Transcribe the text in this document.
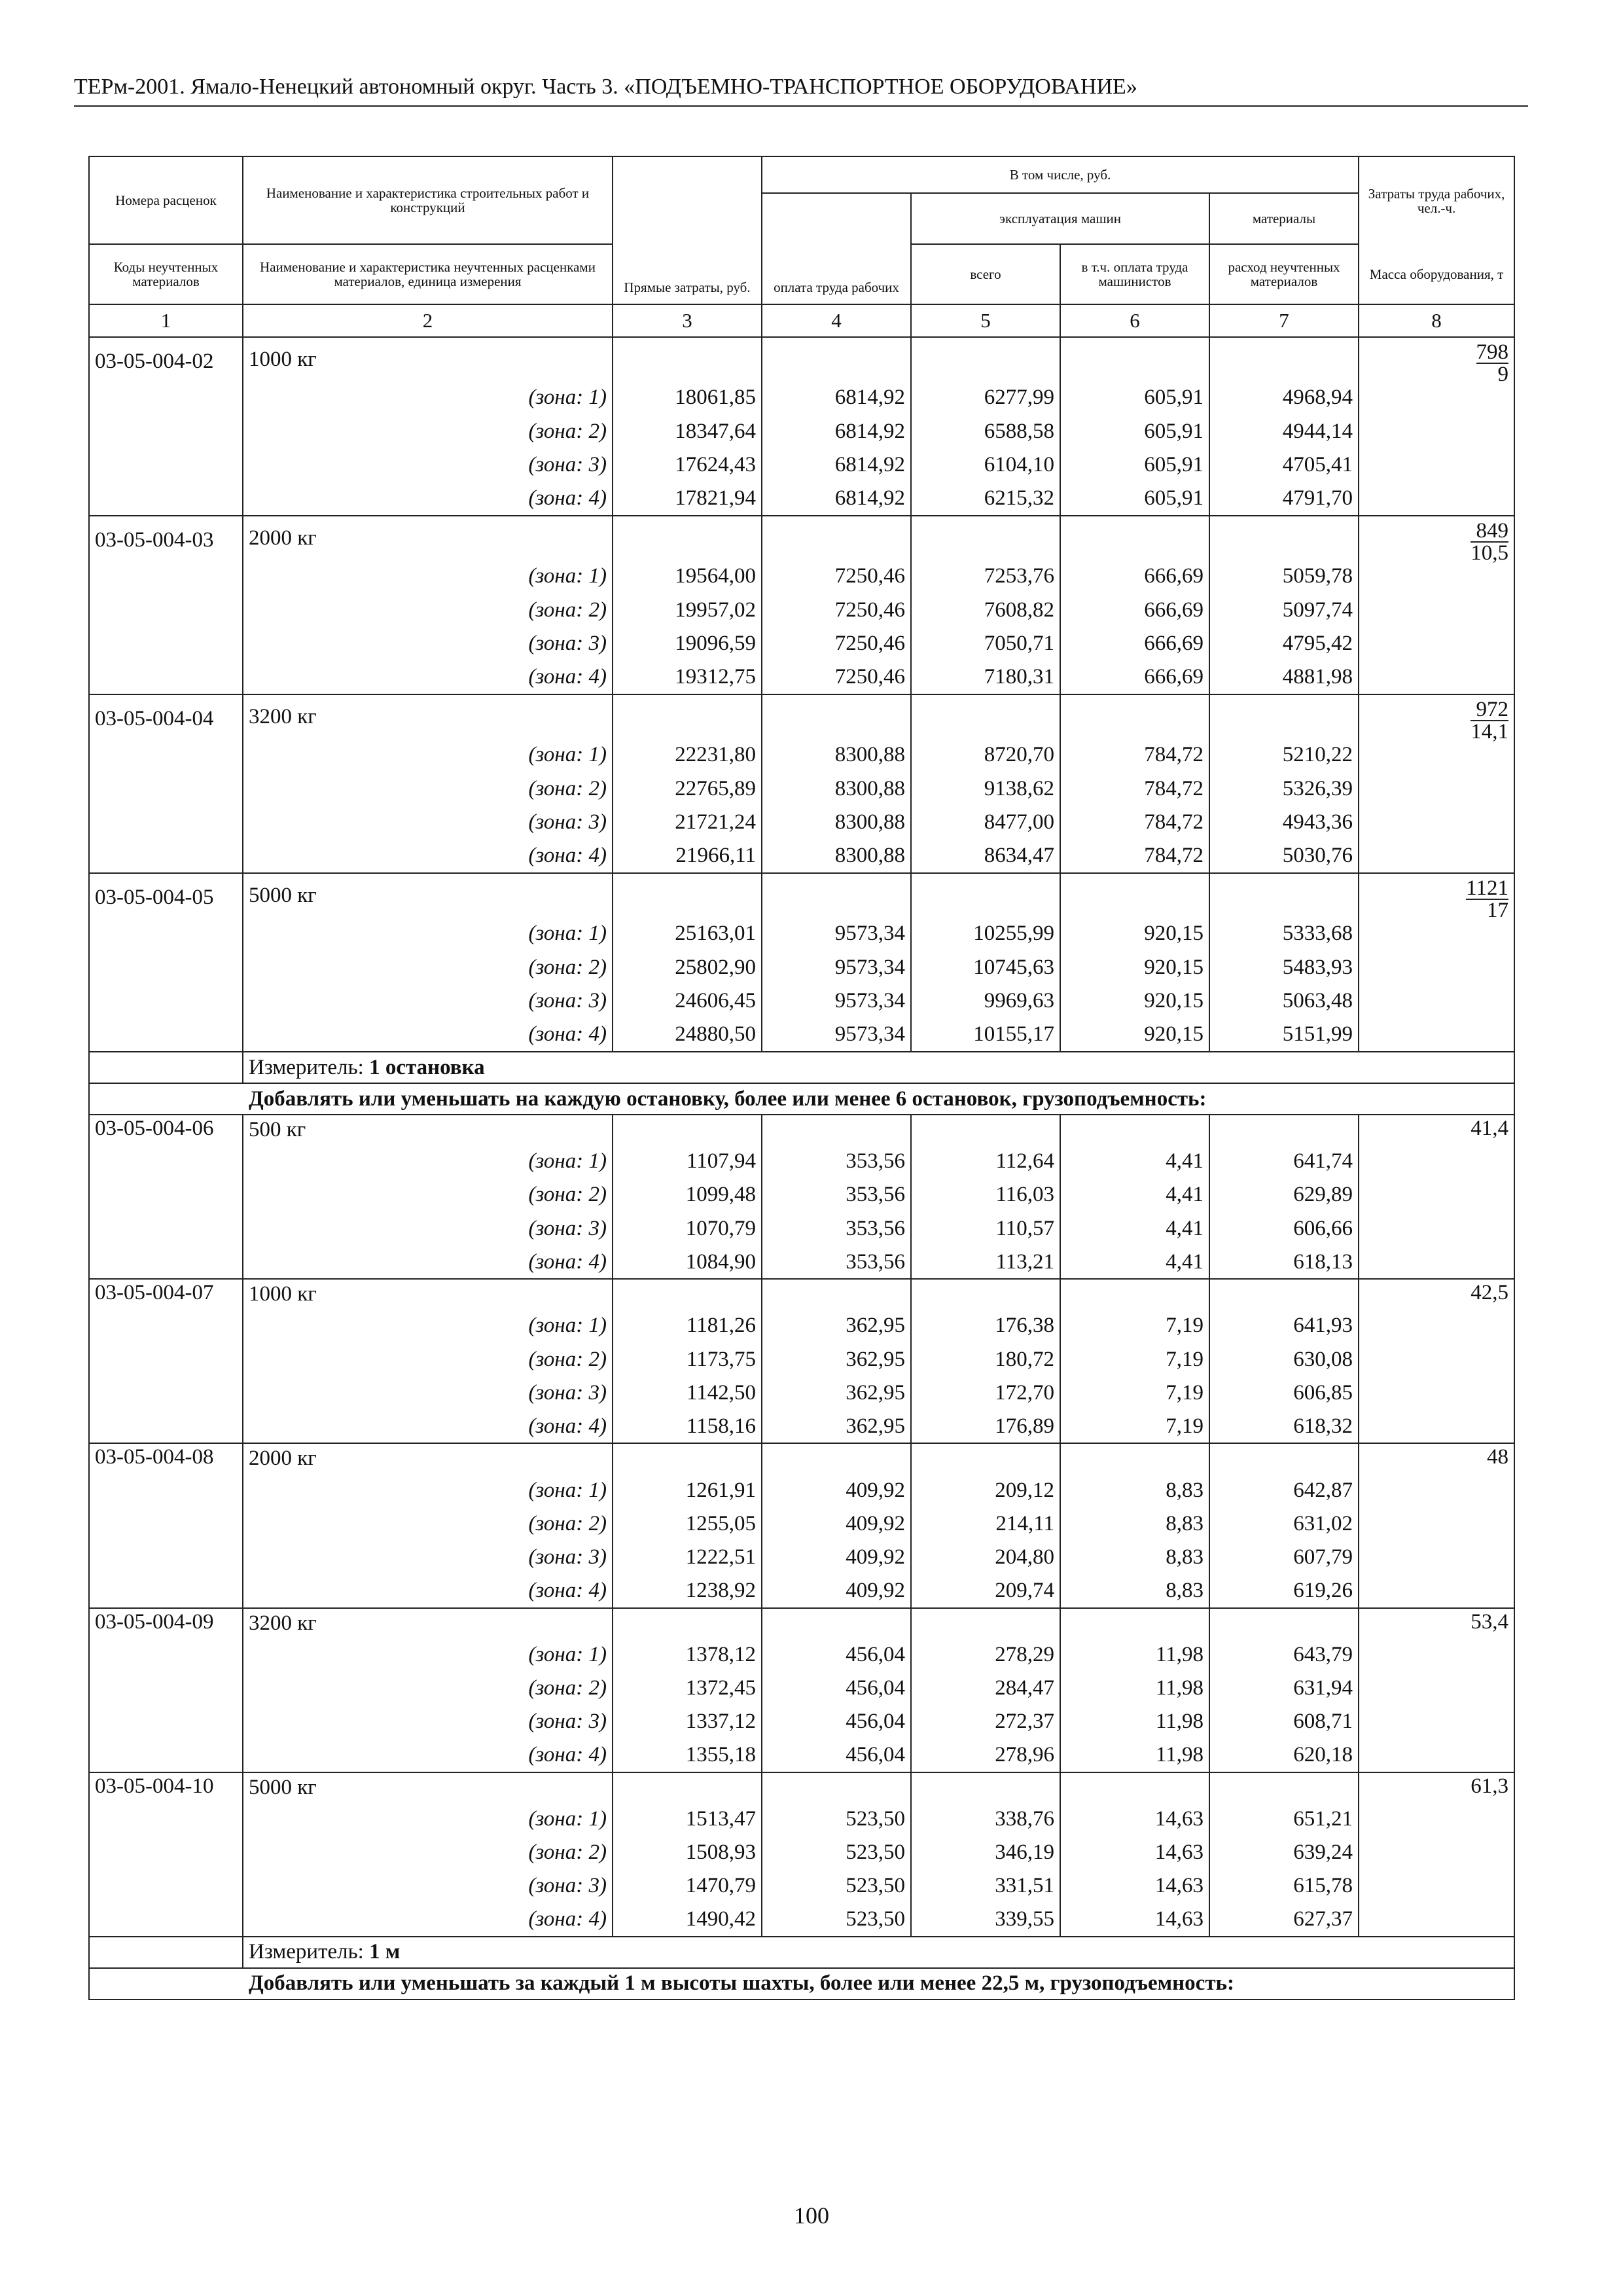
ТЕРм-2001. Ямало-Ненецкий автономный округ. Часть 3. «ПОДЪЕМНО-ТРАНСПОРТНОЕ ОБОРУДОВАНИЕ»
Номера расценок	Наименование и характеристика строительных работ и конструкций	Прямые затраты, руб.	В том числе, руб.				Затраты труда рабочих, чел.-ч.
			оплата труда рабочих	эксплуатация машин		материалы	
Коды неучтенных материалов	Наименование и характеристика неучтенных расценками материалов, единица измерения			всего	в т.ч. оплата труда машинистов	расход неучтенных материалов	Масса оборудования, т
1	2	3	4	5	6	7	8
03-05-004-02	1000 кг						$\frac{798}{9}$

	(зона: 1)	18061,85	6814,92	6277,99	605,91	4968,94	
	(зона: 2)	18347,64	6814,92	6588,58	605,91	4944,14	
	(зона: 3)	17624,43	6814,92	6104,10	605,91	4705,41	
	(зона: 4)	17821,94	6814,92	6215,32	605,91	4791,70	
03-05-004-03	2000 кг						$\frac{849}{10,5}$

	(зона: 1)	19564,00	7250,46	7253,76	666,69	5059,78	
	(зона: 2)	19957,02	7250,46	7608,82	666,69	5097,74	
	(зона: 3)	19096,59	7250,46	7050,71	666,69	4795,42	
	(зона: 4)	19312,75	7250,46	7180,31	666,69	4881,98	
03-05-004-04	3200 кг						$\frac{972}{14,1}$

	(зона: 1)	22231,80	8300,88	8720,70	784,72	5210,22	
	(зона: 2)	22765,89	8300,88	9138,62	784,72	5326,39	
	(зона: 3)	21721,24	8300,88	8477,00	784,72	4943,36	
	(зона: 4)	21966,11	8300,88	8634,47	784,72	5030,76	
03-05-004-05	5000 кг						$\frac{1121}{17}$

	(зона: 1)	25163,01	9573,34	10255,99	920,15	5333,68	
	(зона: 2)	25802,90	9573,34	10745,63	920,15	5483,93	
	(зона: 3)	24606,45	9573,34	9969,63	920,15	5063,48	
	(зона: 4)	24880,50	9573,34	10155,17	920,15	5151,99	
	Измеритель: 1 остановка						
Добавлять или уменьшать на каждую остановку, более или менее 6 остановок, грузоподъемность:							
03-05-004-06	500 кг						41,4
	(зона: 1)	1107,94	353,56	112,64	4,41	641,74	
	(зона: 2)	1099,48	353,56	116,03	4,41	629,89	
	(зона: 3)	1070,79	353,56	110,57	4,41	606,66	
	(зона: 4)	1084,90	353,56	113,21	4,41	618,13	
03-05-004-07	1000 кг						42,5
	(зона: 1)	1181,26	362,95	176,38	7,19	641,93	
	(зона: 2)	1173,75	362,95	180,72	7,19	630,08	
	(зона: 3)	1142,50	362,95	172,70	7,19	606,85	
	(зона: 4)	1158,16	362,95	176,89	7,19	618,32	
03-05-004-08	2000 кг						48
	(зона: 1)	1261,91	409,92	209,12	8,83	642,87	
	(зона: 2)	1255,05	409,92	214,11	8,83	631,02	
	(зона: 3)	1222,51	409,92	204,80	8,83	607,79	
	(зона: 4)	1238,92	409,92	209,74	8,83	619,26	
03-05-004-09	3200 кг						53,4
	(зона: 1)	1378,12	456,04	278,29	11,98	643,79	
	(зона: 2)	1372,45	456,04	284,47	11,98	631,94	
	(зона: 3)	1337,12	456,04	272,37	11,98	608,71	
	(зона: 4)	1355,18	456,04	278,96	11,98	620,18	
03-05-004-10	5000 кг						61,3
	(зона: 1)	1513,47	523,50	338,76	14,63	651,21	
	(зона: 2)	1508,93	523,50	346,19	14,63	639,24	
	(зона: 3)	1470,79	523,50	331,51	14,63	615,78	
	(зона: 4)	1490,42	523,50	339,55	14,63	627,37	
	Измеритель: 1 м						
Добавлять или уменьшать за каждый 1 м высоты шахты, более или менее 22,5 м, грузоподъемность:							
100
